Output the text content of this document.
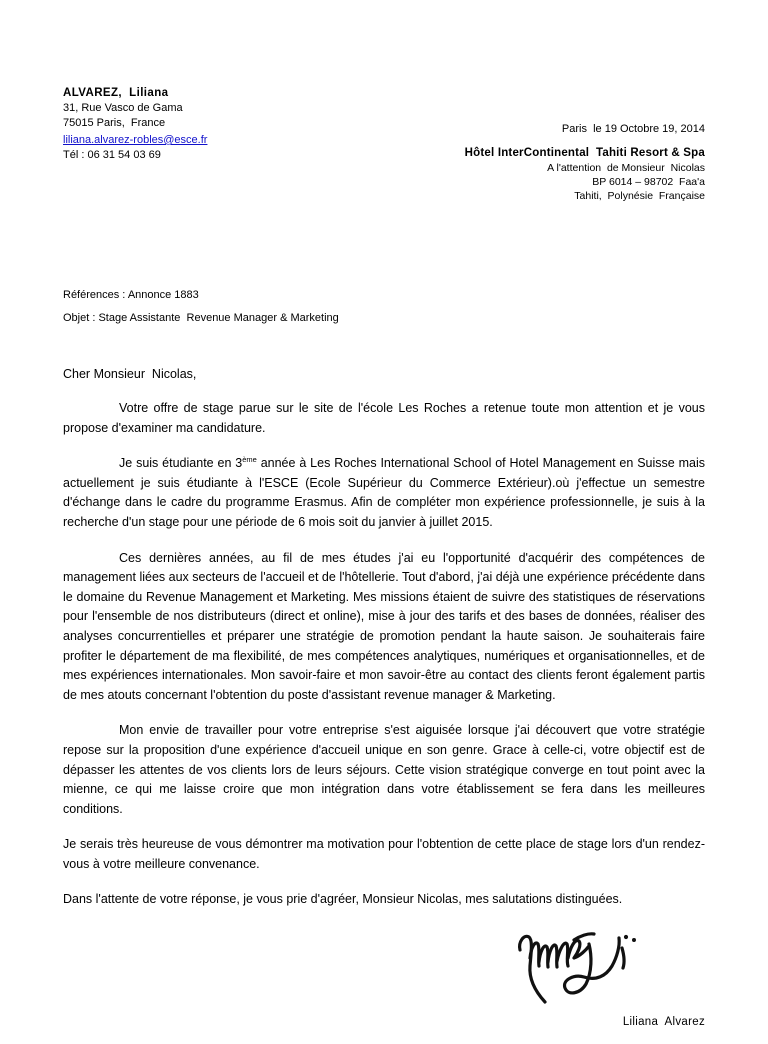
ALVAREZ,  Liliana
31, Rue Vasco de Gama
75015 Paris,  France
liliana.alvarez-robles@esce.fr
Tél : 06 31 54 03 69
Paris  le 19 Octobre 19, 2014
Hôtel InterContinental  Tahiti Resort & Spa
A l'attention  de Monsieur  Nicolas
BP 6014 – 98702  Faa'a
Tahiti,  Polynésie  Française
Références : Annonce 1883
Objet : Stage Assistante  Revenue Manager & Marketing
Cher Monsieur  Nicolas,

Votre offre de stage parue sur le site de l'école Les Roches a retenue toute mon attention et je vous propose d'examiner ma candidature.

Je suis étudiante en 3ème année à Les Roches International School of Hotel Management en Suisse mais actuellement je suis étudiante à l'ESCE (Ecole Supérieur du Commerce Extérieur).où j'effectue un semestre d'échange dans le cadre du programme Erasmus. Afin de compléter mon expérience professionnelle, je suis à la recherche d'un stage pour une période de 6 mois soit du janvier à juillet 2015.

Ces dernières années, au fil de mes études j'ai eu l'opportunité d'acquérir des compétences de management liées aux secteurs de l'accueil et de l'hôtellerie. Tout d'abord, j'ai déjà une expérience précédente dans le domaine du Revenue Management et Marketing. Mes missions étaient de suivre des statistiques de réservations pour l'ensemble de nos distributeurs (direct et online), mise à jour des tarifs et des bases de données, réaliser des analyses concurrentielles et préparer une stratégie de promotion pendant la haute saison. Je souhaiterais faire profiter le département de ma flexibilité, de mes compétences analytiques, numériques et organisationnelles, et de mes expériences internationales. Mon savoir-faire et mon savoir-être au contact des clients feront également partis de mes atouts concernant l'obtention du poste d'assistant revenue manager & Marketing.

Mon envie de travailler pour votre entreprise s'est aiguisée lorsque j'ai découvert que votre stratégie repose sur la proposition d'une expérience d'accueil unique en son genre. Grace à celle-ci, votre objectif est de dépasser les attentes de vos clients lors de leurs séjours. Cette vision stratégique converge en tout point avec la mienne, ce qui me laisse croire que mon intégration dans votre établissement se fera dans les meilleures conditions.

Je serais très heureuse de vous démontrer ma motivation pour l'obtention de cette place de stage lors d'un rendez-vous à votre meilleure convenance.

Dans l'attente de votre réponse, je vous prie d'agréer, Monsieur Nicolas, mes salutations distinguées.

Liliana  Alvarez
